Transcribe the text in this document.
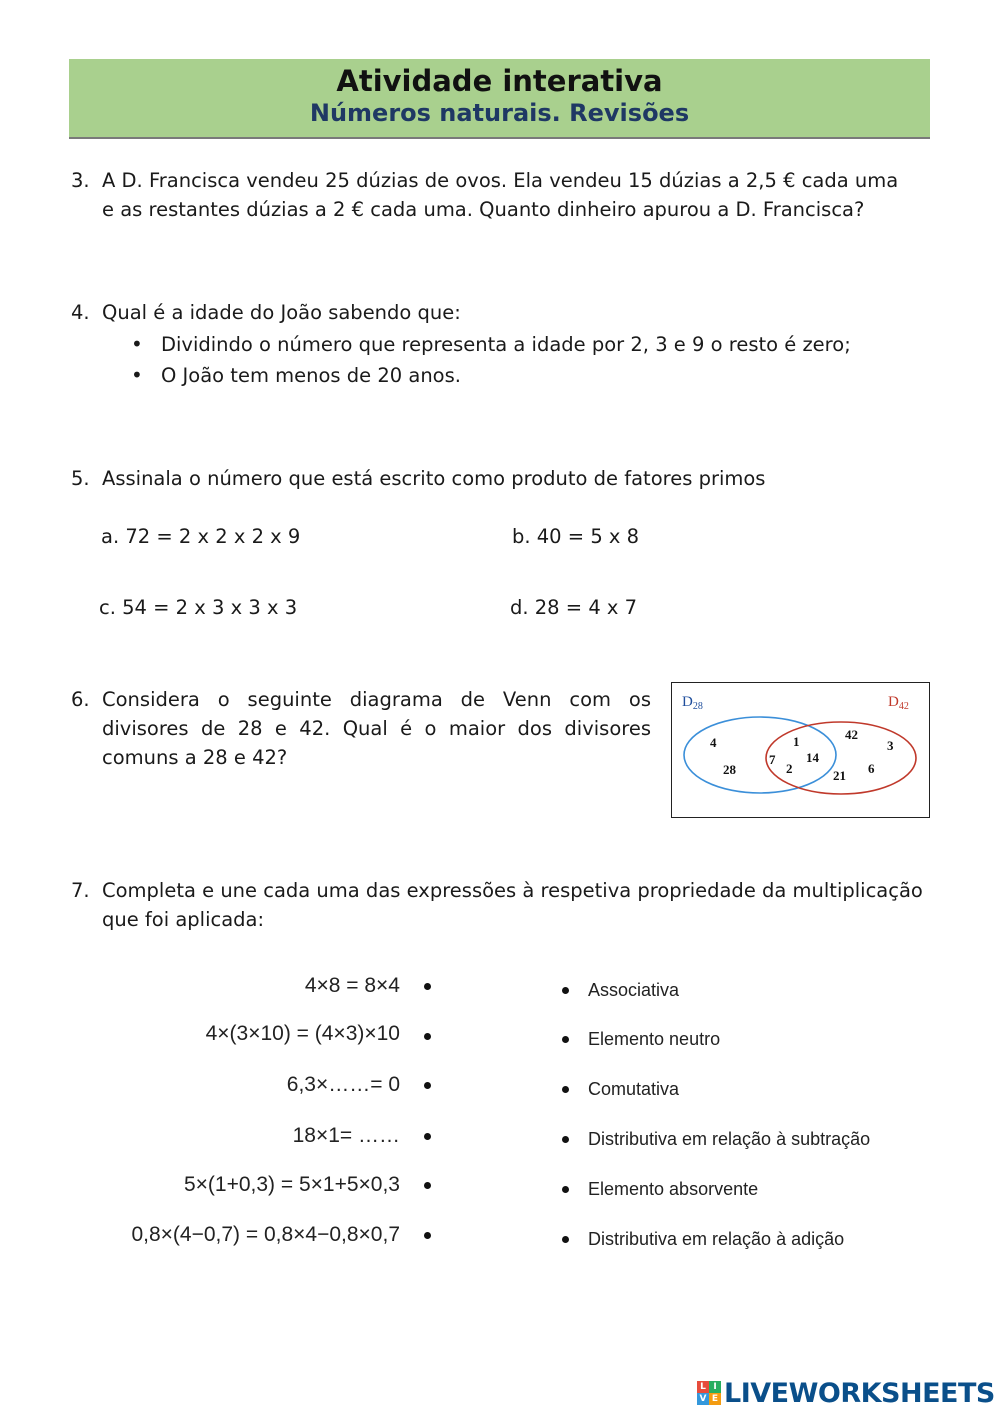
Atividade interativa
Números naturais. Revisões
3. A D. Francisca vendeu 25 dúzias de ovos. Ela vendeu 15 dúzias a 2,5 € cada uma
e as restantes dúzias a 2 € cada uma. Quanto dinheiro apurou a D. Francisca?
4. Qual é a idade do João sabendo que:
• Dividindo o número que representa a idade por 2, 3 e 9 o resto é zero;
• O João tem menos de 20 anos.
5. Assinala o número que está escrito como produto de fatores primos
a. 72 = 2 x 2 x 2 x 9	b. 40 = 5 x 8
c. 54 = 2 x 3 x 3 x 3	d. 28 = 4 x 7
6. Considera o seguinte diagrama de Venn com os
divisores de 28 e 42. Qual é o maior dos divisores
comuns a 28 e 42?
$D_{28}$	$D_{42}$
4
28
1
7 14
2
42
3
21 6
7. Completa e une cada uma das expressões à respetiva propriedade da multiplicação
que foi aplicada:
4×8 = 8×4
4×(3×10) = (4×3)×10
6,3×……= 0
18×1= ……
5×(1+0,3) = 5×1+5×0,3
0,8×(4−0,7) = 0,8×4−0,8×0,7
Associativa
Elemento neutro
Comutativa
Distributiva em relação à subtração
Elemento absorvente
Distributiva em relação à adição
L I
V E LIVEWORKSHEETS
